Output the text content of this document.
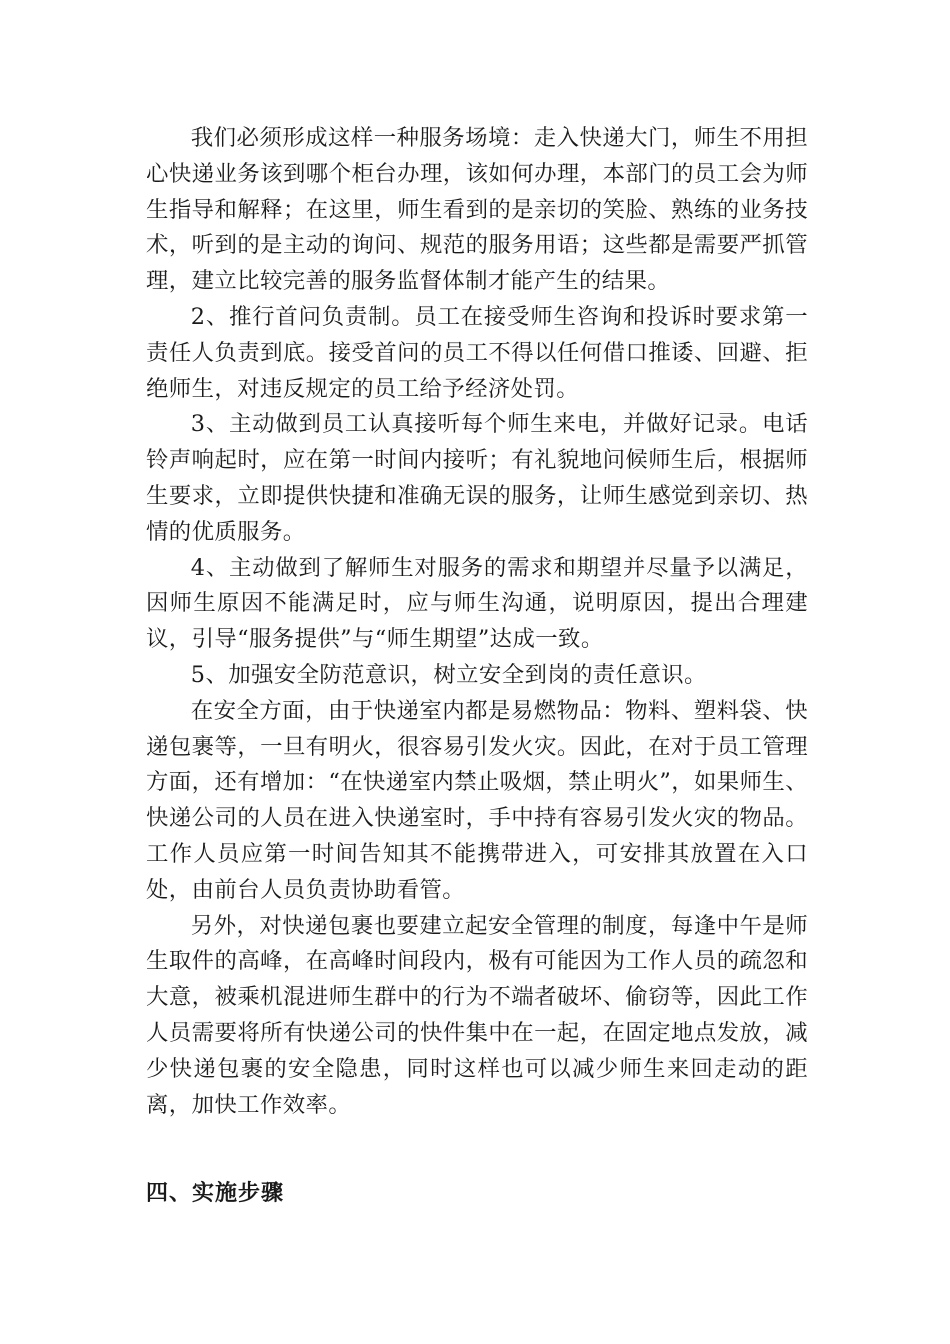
我们必须形成这样一种服务场境：走入快递大门，师生不用担心快递业务该到哪个柜台办理，该如何办理，本部门的员工会为师生指导和解释；在这里，师生看到的是亲切的笑脸、熟练的业务技术，听到的是主动的询问、规范的服务用语；这些都是需要严抓管理，建立比较完善的服务监督体制才能产生的结果。

2、推行首问负责制。员工在接受师生咨询和投诉时要求第一责任人负责到底。接受首问的员工不得以任何借口推诿、回避、拒绝师生，对违反规定的员工给予经济处罚。

3、主动做到员工认真接听每个师生来电，并做好记录。电话铃声响起时，应在第一时间内接听；有礼貌地问候师生后，根据师生要求，立即提供快捷和准确无误的服务，让师生感觉到亲切、热情的优质服务。

4、主动做到了解师生对服务的需求和期望并尽量予以满足，因师生原因不能满足时，应与师生沟通，说明原因，提出合理建议，引导“服务提供”与“师生期望”达成一致。

5、加强安全防范意识，树立安全到岗的责任意识。

在安全方面，由于快递室内都是易燃物品：物料、塑料袋、快递包裹等，一旦有明火，很容易引发火灾。因此，在对于员工管理方面，还有增加：“在快递室内禁止吸烟，禁止明火”，如果师生、快递公司的人员在进入快递室时，手中持有容易引发火灾的物品。工作人员应第一时间告知其不能携带进入，可安排其放置在入口处，由前台人员负责协助看管。

另外，对快递包裹也要建立起安全管理的制度，每逢中午是师生取件的高峰，在高峰时间段内，极有可能因为工作人员的疏忽和大意，被乘机混进师生群中的行为不端者破坏、偷窃等，因此工作人员需要将所有快递公司的快件集中在一起，在固定地点发放，减少快递包裹的安全隐患，同时这样也可以减少师生来回走动的距离，加快工作效率。

四、实施步骤
